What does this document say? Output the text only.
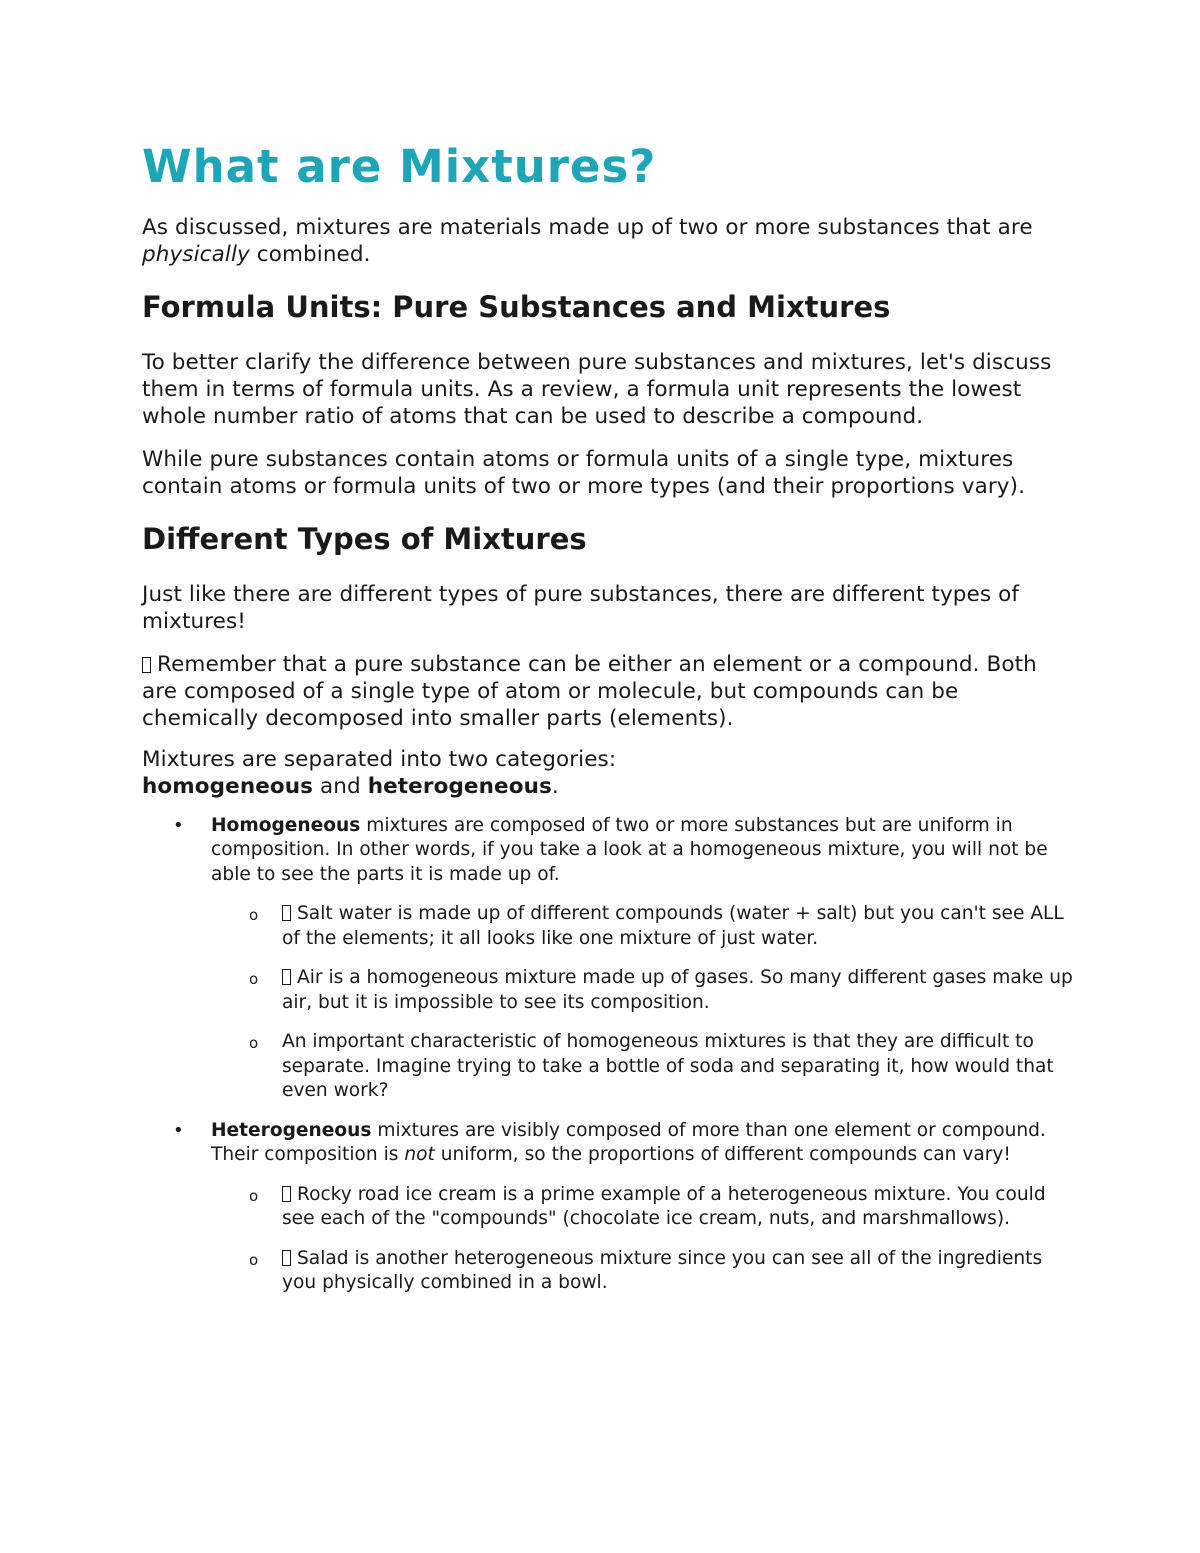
What are Mixtures?

As discussed, mixtures are materials made up of two or more substances that are physically combined.

Formula Units: Pure Substances and Mixtures

To better clarify the difference between pure substances and mixtures, let's discuss them in terms of formula units. As a review, a formula unit represents the lowest whole number ratio of atoms that can be used to describe a compound.

While pure substances contain atoms or formula units of a single type, mixtures contain atoms or formula units of two or more types (and their proportions vary).

Different Types of Mixtures

Just like there are different types of pure substances, there are different types of mixtures!

Remember that a pure substance can be either an element or a compound. Both are composed of a single type of atom or molecule, but compounds can be chemically decomposed into smaller parts (elements).

Mixtures are separated into two categories: homogeneous and heterogeneous.

• Homogeneous mixtures are composed of two or more substances but are uniform in composition. In other words, if you take a look at a homogeneous mixture, you will not be able to see the parts it is made up of.
o Salt water is made up of different compounds (water + salt) but you can't see ALL of the elements; it all looks like one mixture of just water.
o Air is a homogeneous mixture made up of gases. So many different gases make up air, but it is impossible to see its composition.
o An important characteristic of homogeneous mixtures is that they are difficult to separate. Imagine trying to take a bottle of soda and separating it, how would that even work?
• Heterogeneous mixtures are visibly composed of more than one element or compound. Their composition is not uniform, so the proportions of different compounds can vary!
o Rocky road ice cream is a prime example of a heterogeneous mixture. You could see each of the "compounds" (chocolate ice cream, nuts, and marshmallows).
o Salad is another heterogeneous mixture since you can see all of the ingredients you physically combined in a bowl.
